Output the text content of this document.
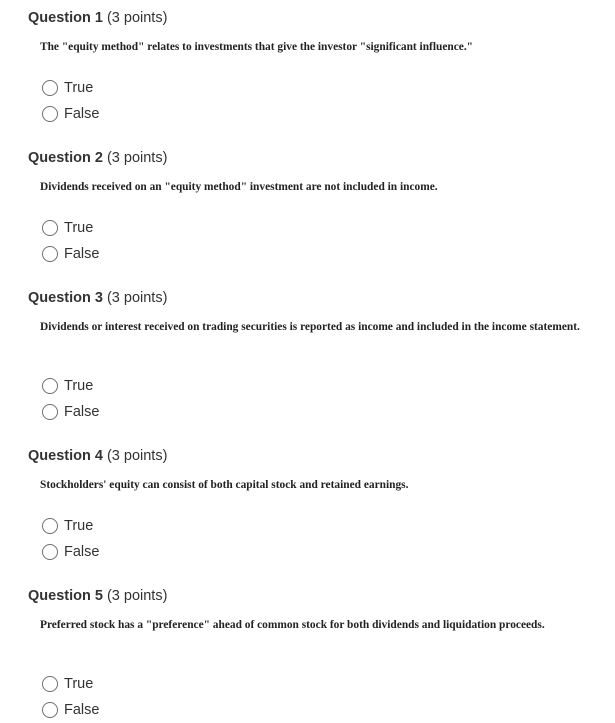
Question 1 (3 points)
The "equity method" relates to investments that give the investor "significant influence."
True
False
Question 2 (3 points)
Dividends received on an "equity method" investment are not included in income.
True
False
Question 3 (3 points)
Dividends or interest received on trading securities is reported as income and included in the income statement.
True
False
Question 4 (3 points)
Stockholders' equity can consist of both capital stock and retained earnings.
True
False
Question 5 (3 points)
Preferred stock has a "preference" ahead of common stock for both dividends and liquidation proceeds.
True
False
